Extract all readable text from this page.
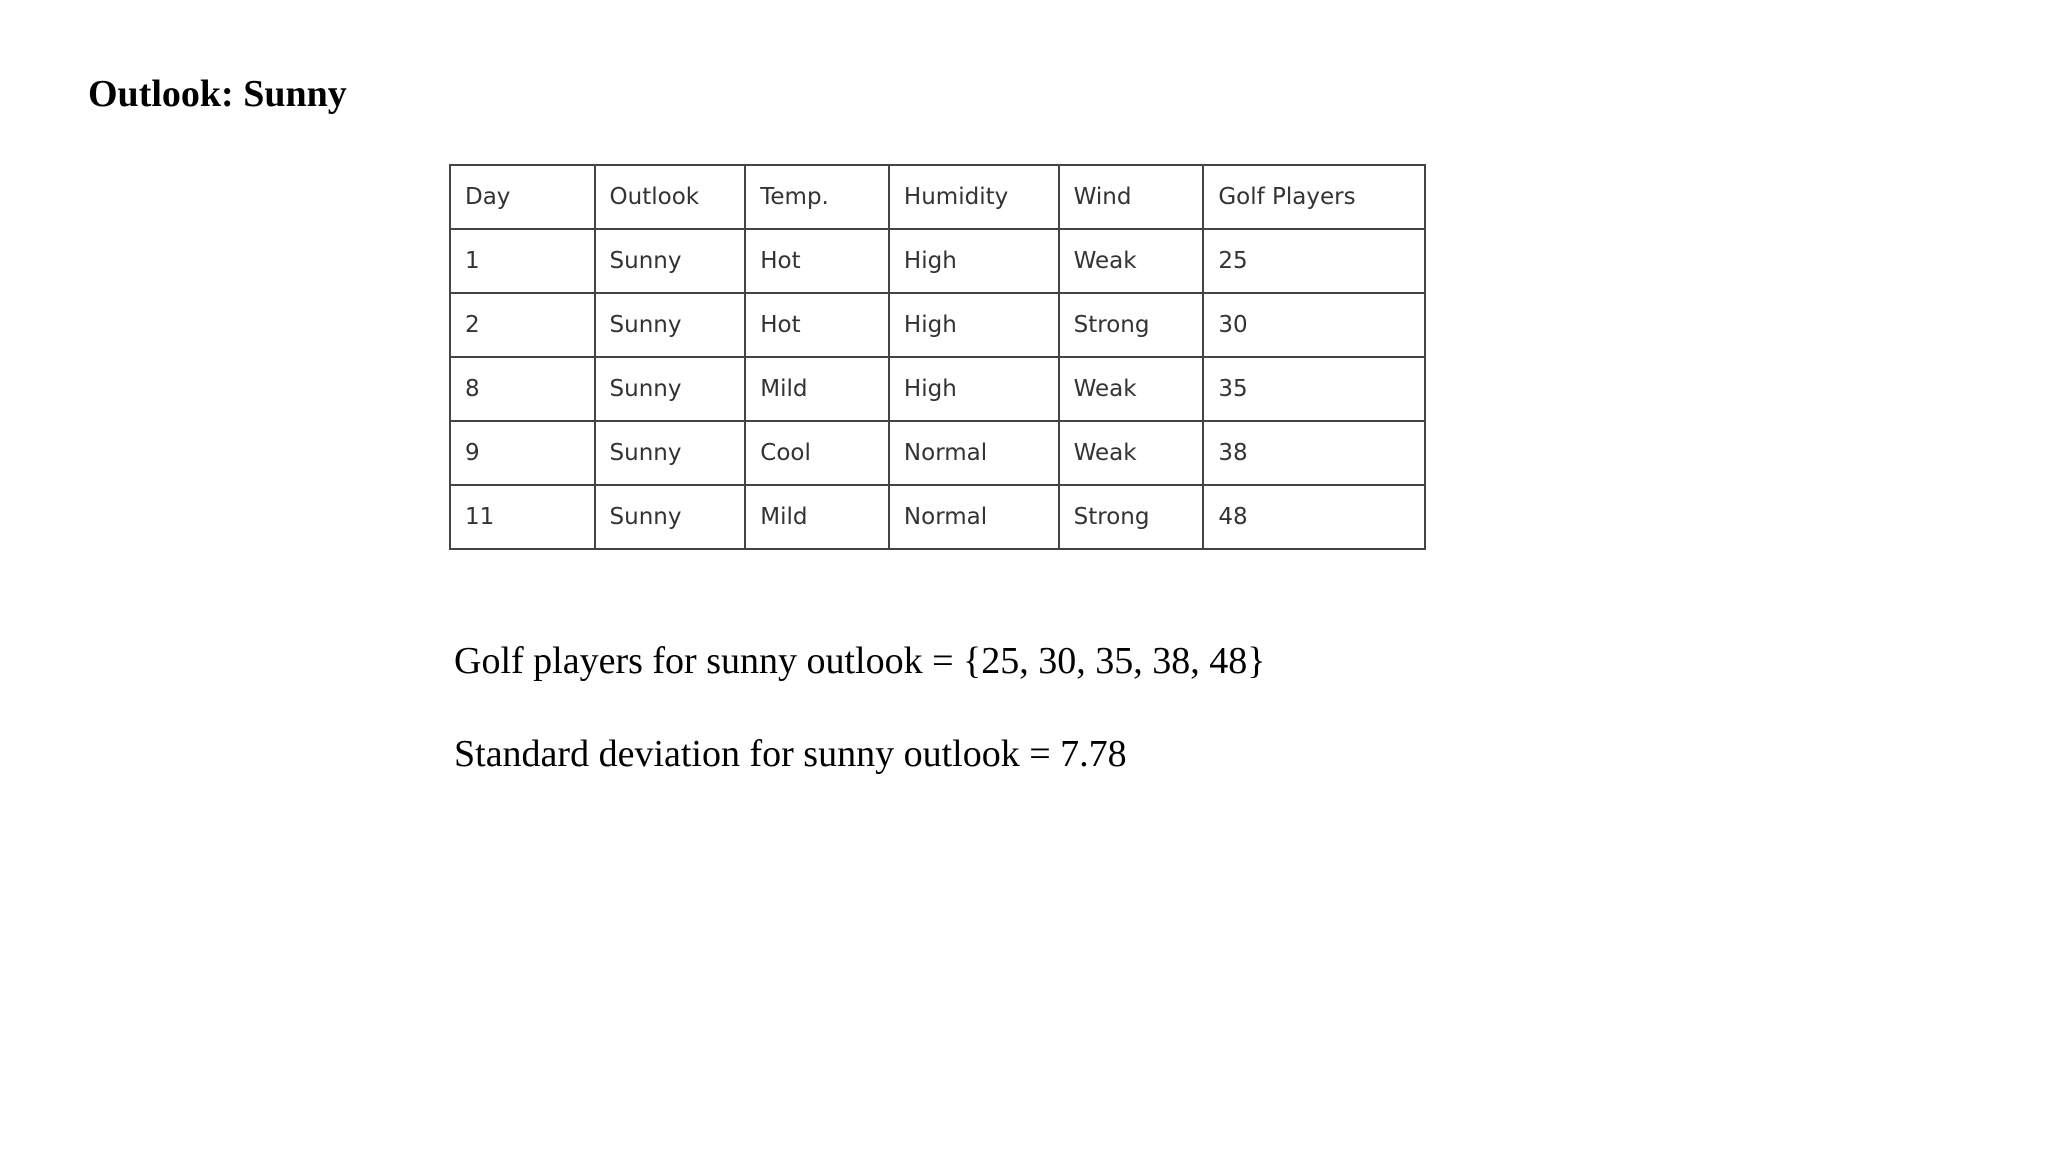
Outlook: Sunny
Day	Outlook	Temp.	Humidity	Wind	Golf Players
1	Sunny	Hot	High	Weak	25
2	Sunny	Hot	High	Strong	30
8	Sunny	Mild	High	Weak	35
9	Sunny	Cool	Normal	Weak	38
11	Sunny	Mild	Normal	Strong	48

Golf players for sunny outlook = {25, 30, 35, 38, 48}

Standard deviation for sunny outlook = 7.78
